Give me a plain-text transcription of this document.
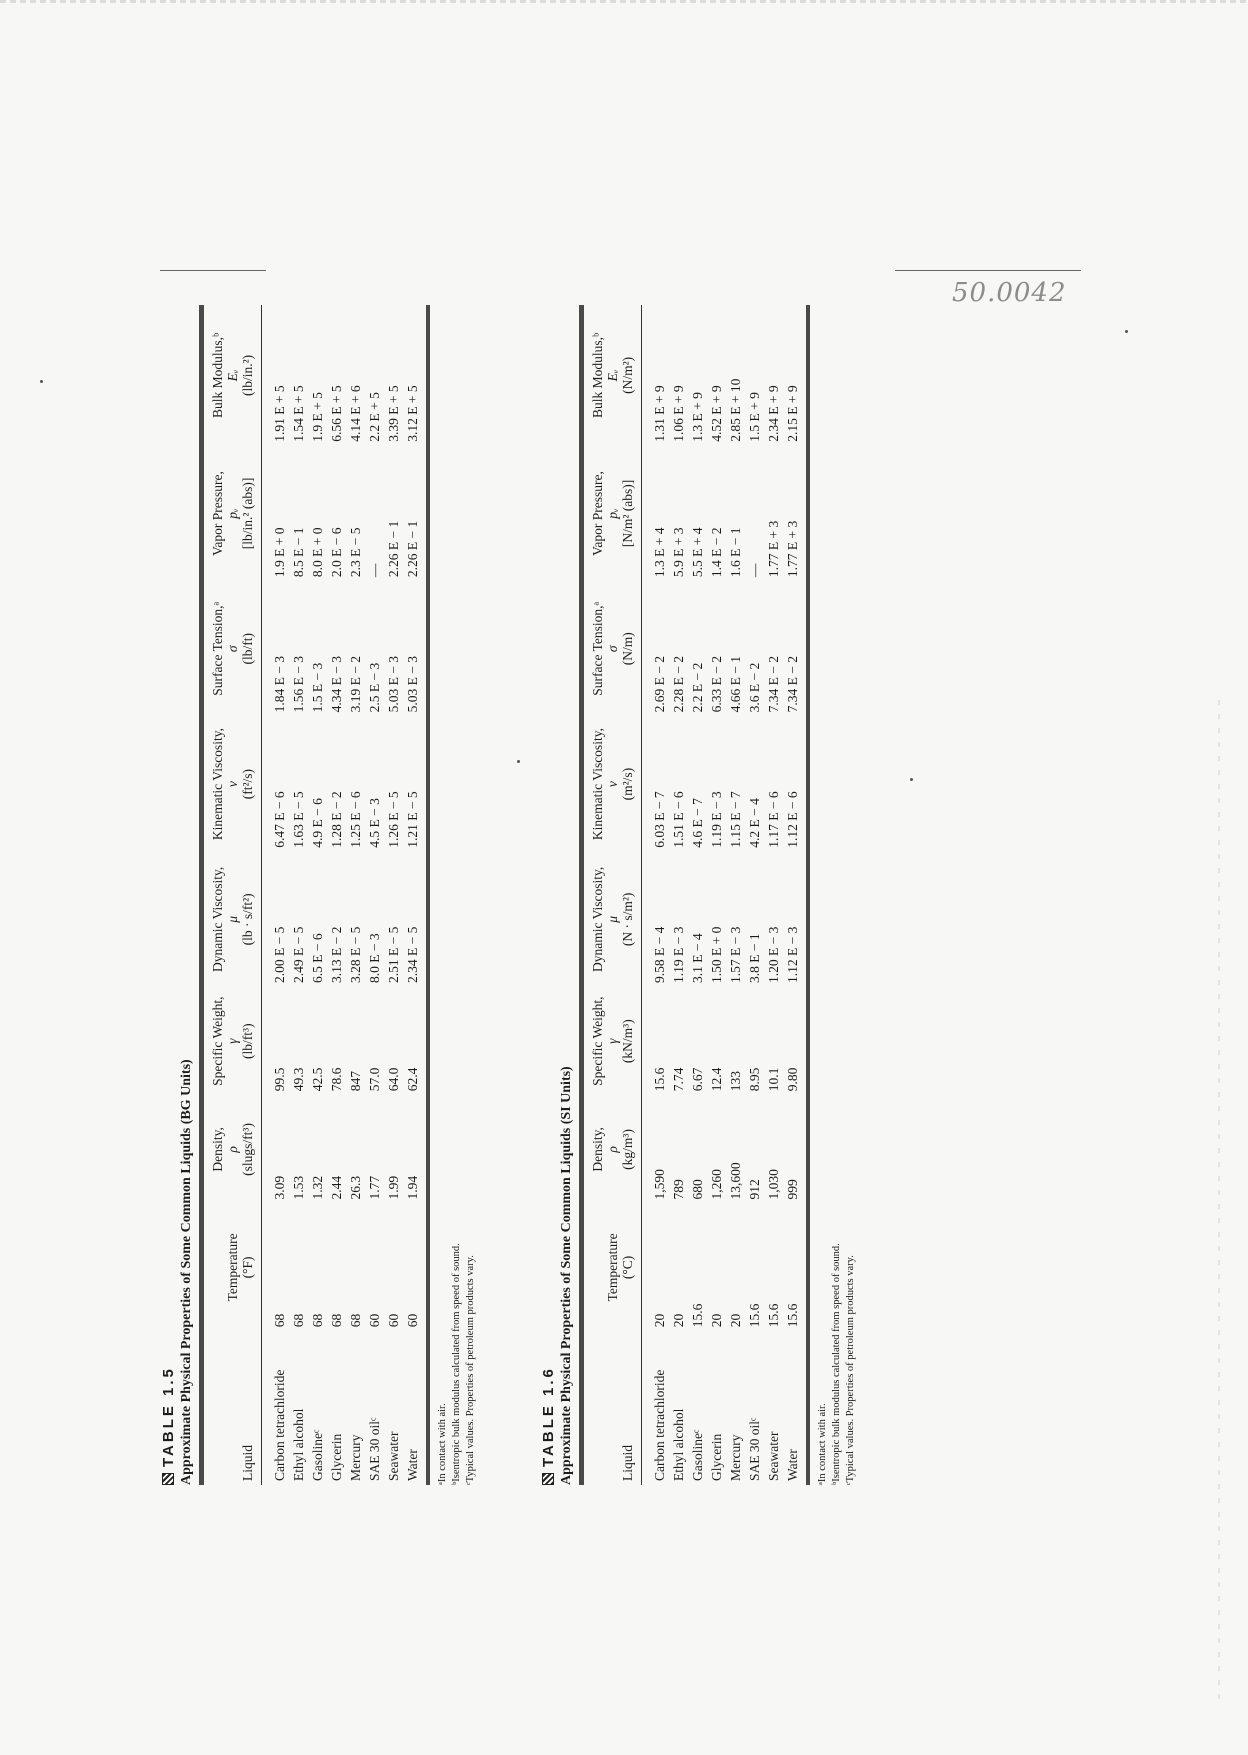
50.0042
TABLE 1.5 Approximate Physical Properties of Some Common Liquids (BG Units)	Liquid	Temperature
(°F)	Density,
ρ
(slugs/ft³)	Specific Weight,
γ
(lb/ft³)	Dynamic Viscosity,
μ
(lb · s/ft²)	Kinematic Viscosity,
ν
(ft²/s)	Surface Tension,ᵃ
σ
(lb/ft)	Vapor Pressure,
pᵥ
[lb/in.² (abs)]	Bulk Modulus,ᵇ
Eᵥ
(lb/in.²)

Carbon tetrachloride	68	3.09	99.5	2.00 E − 5	6.47 E − 6	1.84 E − 3	1.9 E + 0	1.91 E + 5
Ethyl alcohol	68	1.53	49.3	2.49 E − 5	1.63 E − 5	1.56 E − 3	8.5 E − 1	1.54 E + 5
Gasolineᶜ	68	1.32	42.5	6.5 E − 6	4.9 E − 6	1.5 E − 3	8.0 E + 0	1.9 E + 5
Glycerin	68	2.44	78.6	3.13 E − 2	1.28 E − 2	4.34 E − 3	2.0 E − 6	6.56 E + 5
Mercury	68	26.3	847	3.28 E − 5	1.25 E − 6	3.19 E − 2	2.3 E − 5	4.14 E + 6
SAE 30 oilᶜ	60	1.77	57.0	8.0 E − 3	4.5 E − 3	2.5 E − 3	—	2.2 E + 5
Seawater	60	1.99	64.0	2.51 E − 5	1.26 E − 5	5.03 E − 3	2.26 E − 1	3.39 E + 5
Water	60	1.94	62.4	2.34 E − 5	1.21 E − 5	5.03 E − 3	2.26 E − 1	3.12 E + 5
ᵃIn contact with air. ᵇIsentropic bulk modulus calculated from speed of sound. ᶜTypical values. Properties of petroleum products vary.	TABLE 1.6 Approximate Physical Properties of Some Common Liquids (SI Units)	Liquid	Temperature
(°C)	Density,
ρ
(kg/m³)	Specific Weight,
γ
(kN/m³)	Dynamic Viscosity,
μ
(N · s/m²)	Kinematic Viscosity,
ν
(m²/s)	Surface Tension,ᵃ
σ
(N/m)	Vapor Pressure,
pᵥ
[N/m² (abs)]	Bulk Modulus,ᵇ
Eᵥ
(N/m²)

Carbon tetrachloride	20	1,590	15.6	9.58 E − 4	6.03 E − 7	2.69 E − 2	1.3 E + 4	1.31 E + 9
Ethyl alcohol	20	789	7.74	1.19 E − 3	1.51 E − 6	2.28 E − 2	5.9 E + 3	1.06 E + 9
Gasolineᶜ	15.6	680	6.67	3.1 E − 4	4.6 E − 7	2.2 E − 2	5.5 E + 4	1.3 E + 9
Glycerin	20	1,260	12.4	1.50 E + 0	1.19 E − 3	6.33 E − 2	1.4 E − 2	4.52 E + 9
Mercury	20	13,600	133	1.57 E − 3	1.15 E − 7	4.66 E − 1	1.6 E − 1	2.85 E + 10
SAE 30 oilᶜ	15.6	912	8.95	3.8 E − 1	4.2 E − 4	3.6 E − 2	—	1.5 E + 9
Seawater	15.6	1,030	10.1	1.20 E − 3	1.17 E − 6	7.34 E − 2	1.77 E + 3	2.34 E + 9
Water	15.6	999	9.80	1.12 E − 3	1.12 E − 6	7.34 E − 2	1.77 E + 3	2.15 E + 9
ᵃIn contact with air. ᵇIsentropic bulk modulus calculated from speed of sound. ᶜTypical values. Properties of petroleum products vary.
